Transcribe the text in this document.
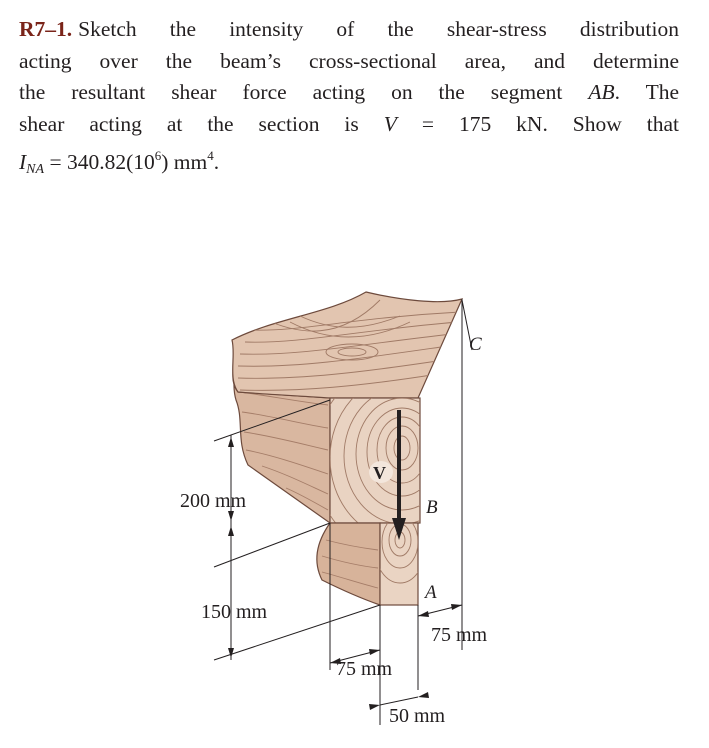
R7–1. Sketch the intensity of the shear-stress distribution
acting over the beam’s cross-sectional area, and determine
the resultant shear force acting on the segment AB. The
shear acting at the section is V = 175 kN. Show that
$I_{NA} = 340.82(10^6)$ $mm^4$.
V
200 mm
150 mm
75 mm
75 mm
50 mm
C
B
A
